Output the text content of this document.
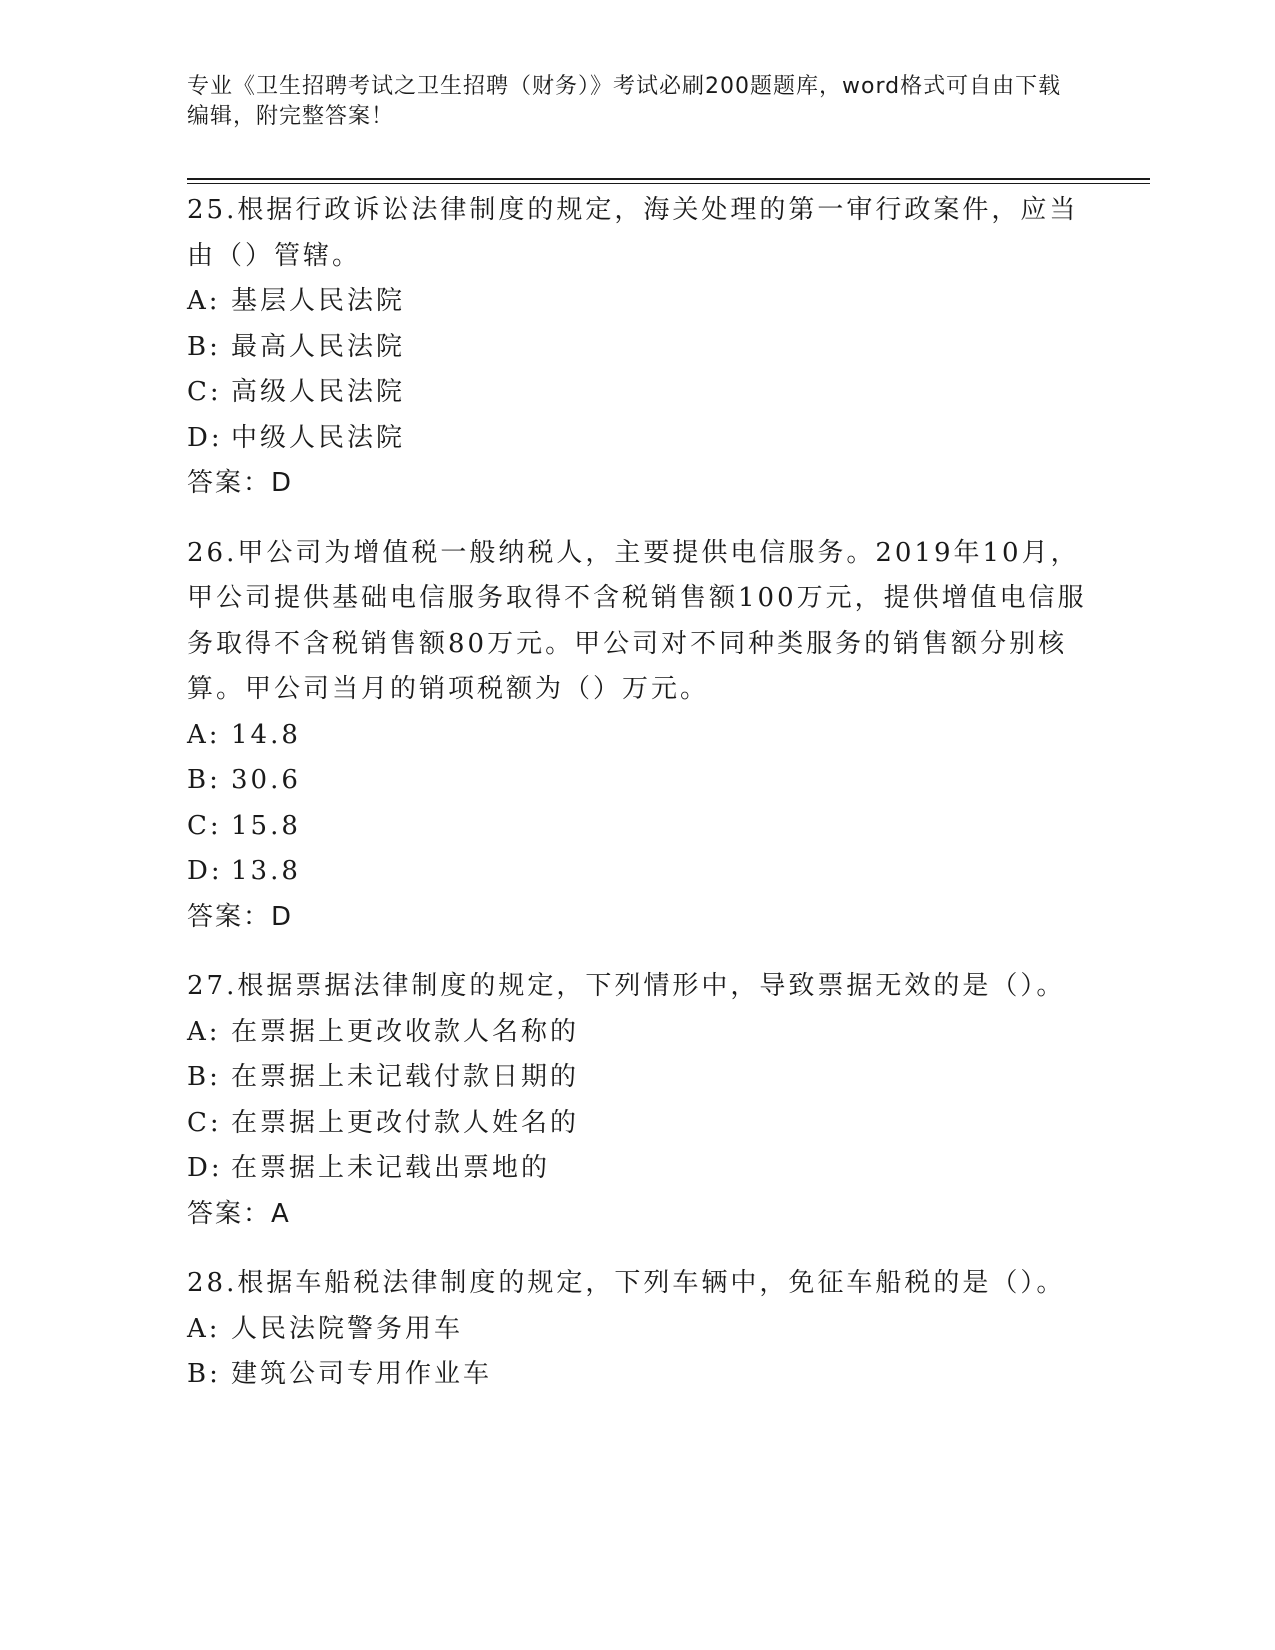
专业《卫生招聘考试之卫生招聘（财务）》考试必刷200题题库，word格式可自由下载编辑，附完整答案！

25.根据行政诉讼法律制度的规定，海关处理的第一审行政案件，应当由（）管辖。

A: 基层人民法院

B: 最高人民法院

C: 高级人民法院

D: 中级人民法院

答案：D

26.甲公司为增值税一般纳税人，主要提供电信服务。2019年10月，甲公司提供基础电信服务取得不含税销售额100万元，提供增值电信服务取得不含税销售额80万元。甲公司对不同种类服务的销售额分别核算。甲公司当月的销项税额为（）万元。

A: 14.8

B: 30.6

C: 15.8

D: 13.8

答案：D

27.根据票据法律制度的规定，下列情形中，导致票据无效的是（）。

A: 在票据上更改收款人名称的

B: 在票据上未记载付款日期的

C: 在票据上更改付款人姓名的

D: 在票据上未记载出票地的

答案：A

28.根据车船税法律制度的规定，下列车辆中，免征车船税的是（）。

A: 人民法院警务用车

B: 建筑公司专用作业车
